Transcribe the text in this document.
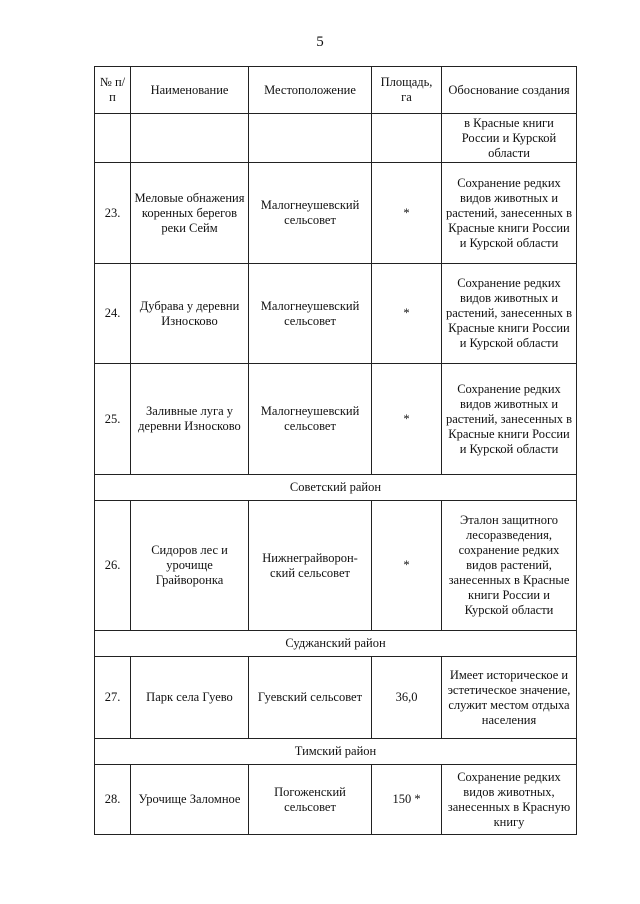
5
№ п/п	Наименование	Местоположение	Площадь, га	Обоснование создания
				в Красные книги России и Курской области
23.	Меловые обнажения коренных берегов реки Сейм	Малогнеушевский сельсовет	*	Сохранение редких видов животных и растений, занесенных в Красные книги России и Курской области
24.	Дубрава у деревни Износково	Малогнеушевский сельсовет	*	Сохранение редких видов животных и растений, занесенных в Красные книги России и Курской области
25.	Заливные луга у деревни Износково	Малогнеушевский сельсовет	*	Сохранение редких видов животных и растений, занесенных в Красные книги России и Курской области
Советский район				
26.	Сидоров лес и урочище Грайворонка	Нижнеграйворон-ский сельсовет	*	Эталон защитного лесоразведения, сохранение редких видов растений, занесенных в Красные книги России и Курской области
Суджанский район				
27.	Парк села Гуево	Гуевский сельсовет	36,0	Имеет историческое и эстетическое значение, служит местом отдыха населения
Тимский район				
28.	Урочище Заломное	Погоженский сельсовет	150 *	Сохранение редких видов животных, занесенных в Красную книгу
